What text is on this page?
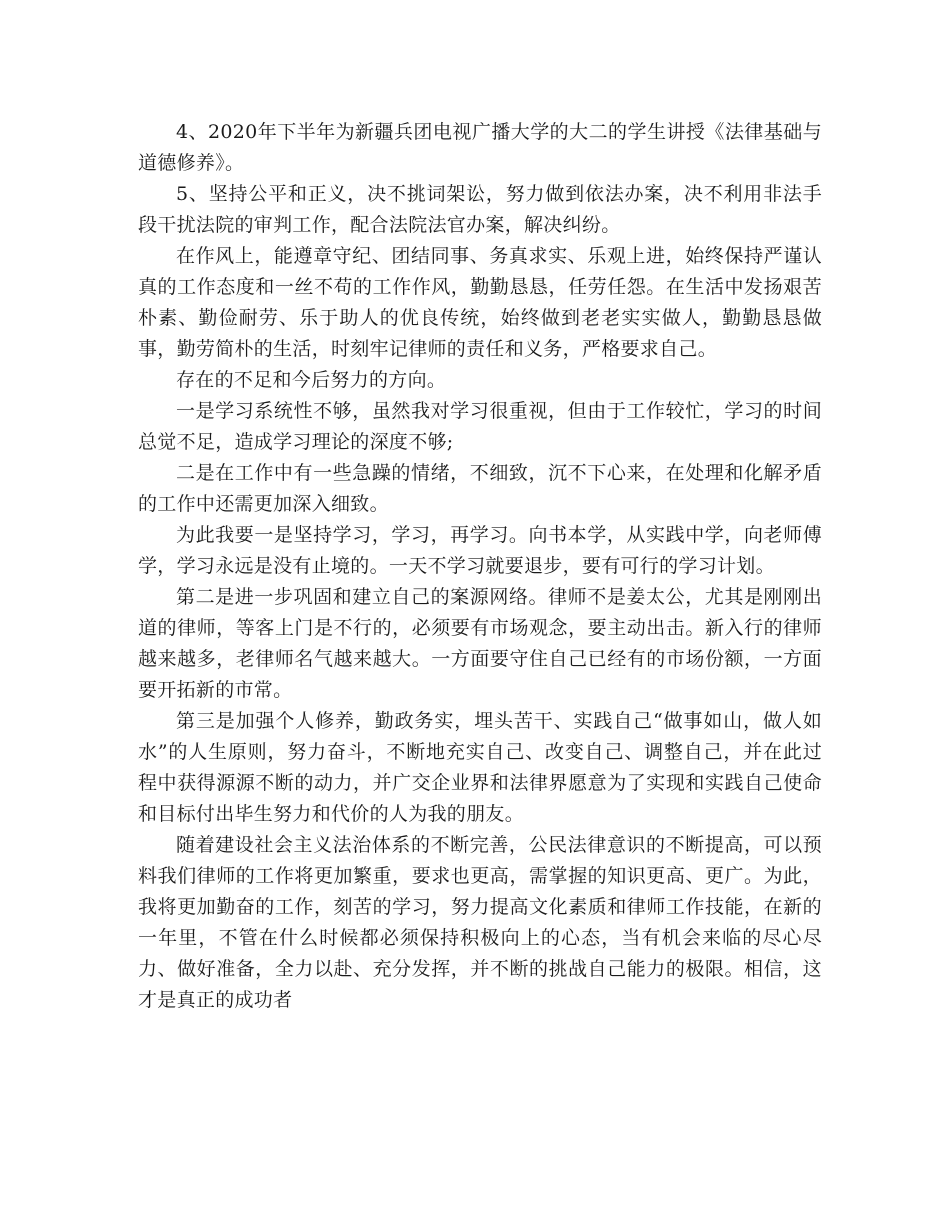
4、2020年下半年为新疆兵团电视广播大学的大二的学生讲授《法律基础与道德修养》。

5、坚持公平和正义，决不挑词架讼，努力做到依法办案，决不利用非法手段干扰法院的审判工作，配合法院法官办案，解决纠纷。

在作风上，能遵章守纪、团结同事、务真求实、乐观上进，始终保持严谨认真的工作态度和一丝不苟的工作作风，勤勤恳恳，任劳任怨。在生活中发扬艰苦朴素、勤俭耐劳、乐于助人的优良传统，始终做到老老实实做人，勤勤恳恳做事，勤劳简朴的生活，时刻牢记律师的责任和义务，严格要求自己。

存在的不足和今后努力的方向。

一是学习系统性不够，虽然我对学习很重视，但由于工作较忙，学习的时间总觉不足，造成学习理论的深度不够;

二是在工作中有一些急躁的情绪，不细致，沉不下心来，在处理和化解矛盾的工作中还需更加深入细致。

为此我要一是坚持学习，学习，再学习。向书本学，从实践中学，向老师傅学，学习永远是没有止境的。一天不学习就要退步，要有可行的学习计划。

第二是进一步巩固和建立自己的案源网络。律师不是姜太公，尤其是刚刚出道的律师，等客上门是不行的，必须要有市场观念，要主动出击。新入行的律师越来越多，老律师名气越来越大。一方面要守住自己已经有的市场份额，一方面要开拓新的市常。

第三是加强个人修养，勤政务实，埋头苦干、实践自己“做事如山，做人如水”的人生原则，努力奋斗，不断地充实自己、改变自己、调整自己，并在此过程中获得源源不断的动力，并广交企业界和法律界愿意为了实现和实践自己使命和目标付出毕生努力和代价的人为我的朋友。

随着建设社会主义法治体系的不断完善，公民法律意识的不断提高，可以预料我们律师的工作将更加繁重，要求也更高，需掌握的知识更高、更广。为此，我将更加勤奋的工作，刻苦的学习，努力提高文化素质和律师工作技能，在新的一年里，不管在什么时候都必须保持积极向上的心态，当有机会来临的尽心尽力、做好准备，全力以赴、充分发挥，并不断的挑战自己能力的极限。相信，这才是真正的成功者
